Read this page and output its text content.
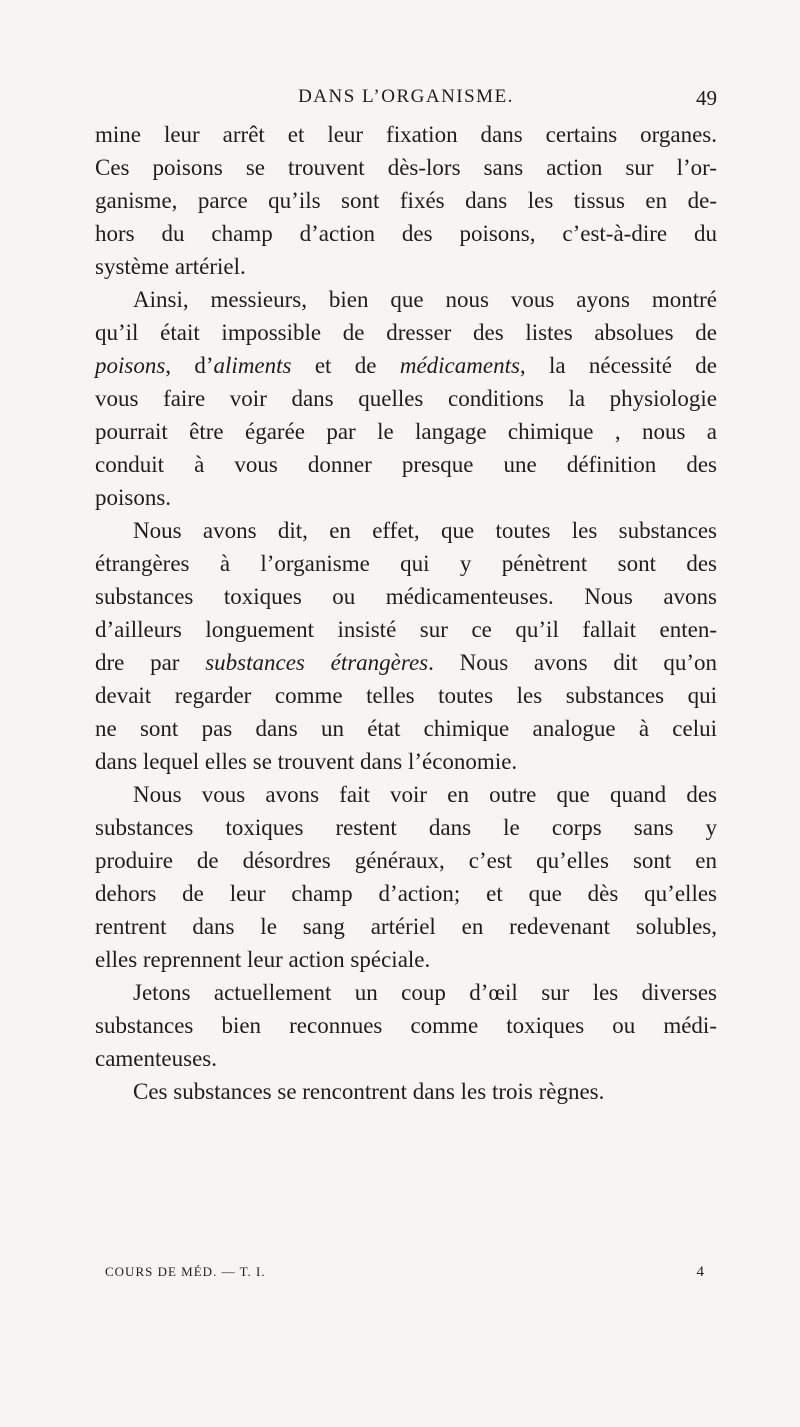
DANS L’ORGANISME.	49
mine leur arrêt et leur fixation dans certains organes.
Ces poisons se trouvent dès-lors sans action sur l’or-
ganisme, parce qu’ils sont fixés dans les tissus en de-
hors du champ d’action des poisons, c’est-à-dire du
système artériel.
Ainsi, messieurs, bien que nous vous ayons montré
qu’il était impossible de dresser des listes absolues de
poisons, d’aliments et de médicaments, la nécessité de
vous faire voir dans quelles conditions la physiologie
pourrait être égarée par le langage chimique , nous a
conduit à vous donner presque une définition des
poisons.
Nous avons dit, en effet, que toutes les substances
étrangères à l’organisme qui y pénètrent sont des
substances toxiques ou médicamenteuses. Nous avons
d’ailleurs longuement insisté sur ce qu’il fallait enten-
dre par substances étrangères. Nous avons dit qu’on
devait regarder comme telles toutes les substances qui
ne sont pas dans un état chimique analogue à celui
dans lequel elles se trouvent dans l’économie.
Nous vous avons fait voir en outre que quand des
substances toxiques restent dans le corps sans y
produire de désordres généraux, c’est qu’elles sont en
dehors de leur champ d’action; et que dès qu’elles
rentrent dans le sang artériel en redevenant solubles,
elles reprennent leur action spéciale.
Jetons actuellement un coup d’œil sur les diverses
substances bien reconnues comme toxiques ou médi-
camenteuses.
Ces substances se rencontrent dans les trois règnes.
COURS DE MÉD. — T. I.	4
